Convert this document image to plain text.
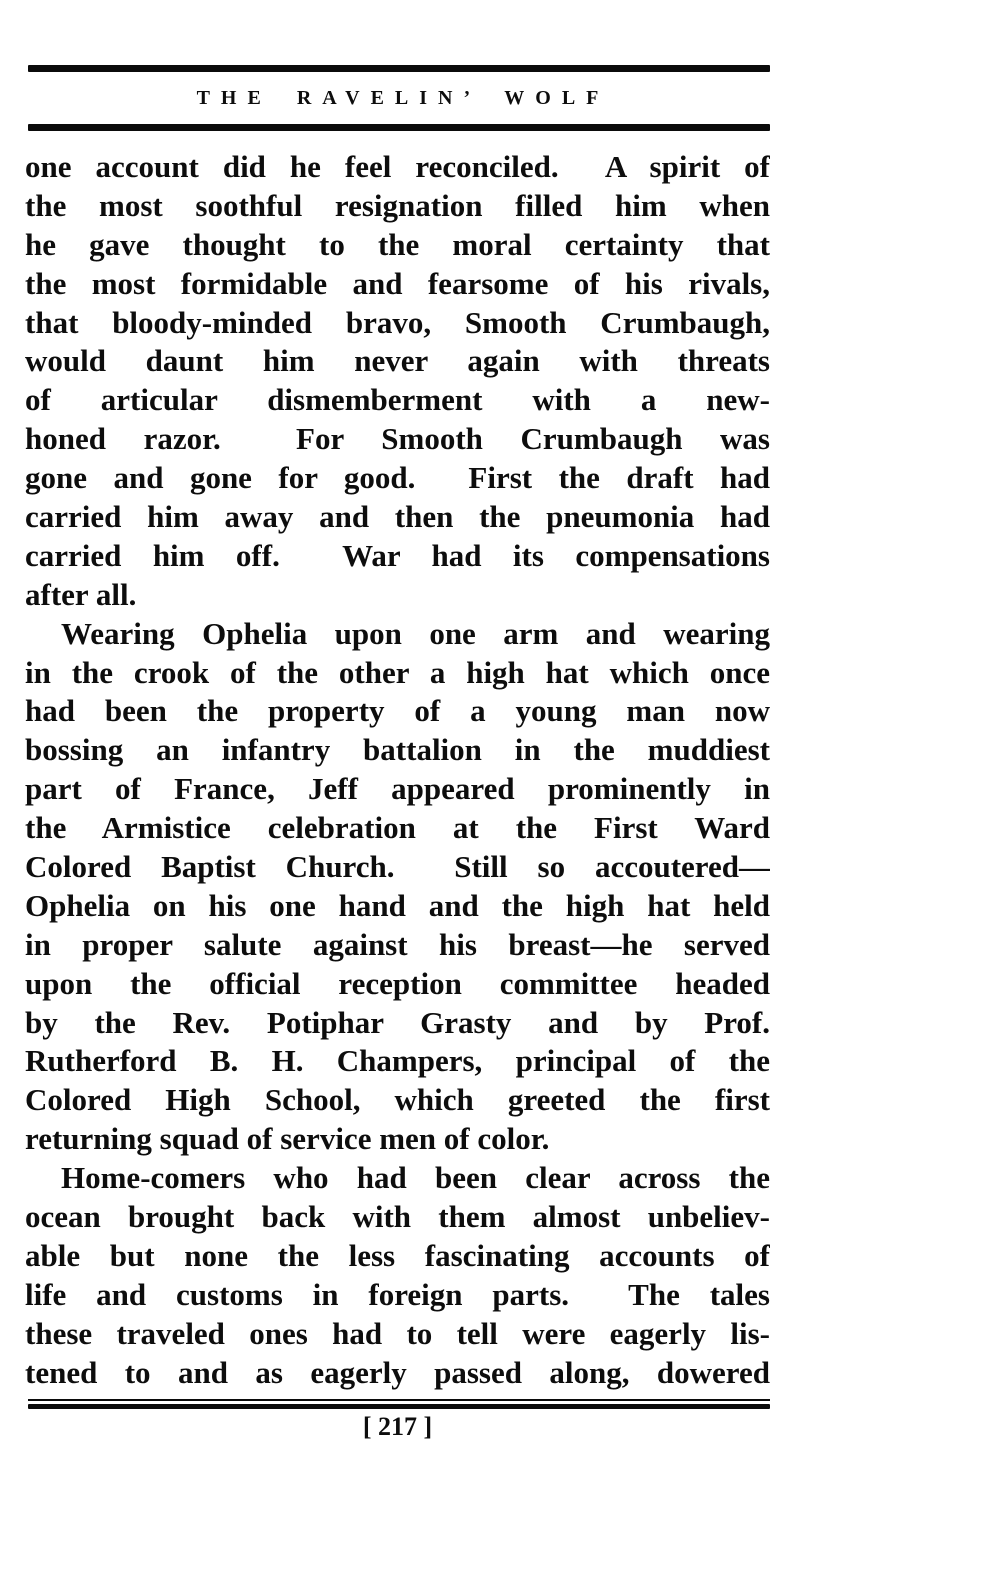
THE RAVELIN’ WOLF
one account did he feel reconciled.  A spirit of
the most soothful resignation filled him when
he gave thought to the moral certainty that
the most formidable and fearsome of his rivals,
that bloody-minded bravo, Smooth Crumbaugh,
would daunt him never again with threats
of articular dismemberment with a new-
honed razor.  For Smooth Crumbaugh was
gone and gone for good.  First the draft had
carried him away and then the pneumonia had
carried him off.  War had its compensations
after all.
Wearing Ophelia upon one arm and wearing
in the crook of the other a high hat which once
had been the property of a young man now
bossing an infantry battalion in the muddiest
part of France, Jeff appeared prominently in
the Armistice celebration at the First Ward
Colored Baptist Church.  Still so accoutered—
Ophelia on his one hand and the high hat held
in proper salute against his breast—he served
upon the official reception committee headed
by the Rev. Potiphar Grasty and by Prof.
Rutherford B. H. Champers, principal of the
Colored High School, which greeted the first
returning squad of service men of color.
Home-comers who had been clear across the
ocean brought back with them almost unbeliev-
able but none the less fascinating accounts of
life and customs in foreign parts.  The tales
these traveled ones had to tell were eagerly lis-
tened to and as eagerly passed along, dowered
[ 217 ]
